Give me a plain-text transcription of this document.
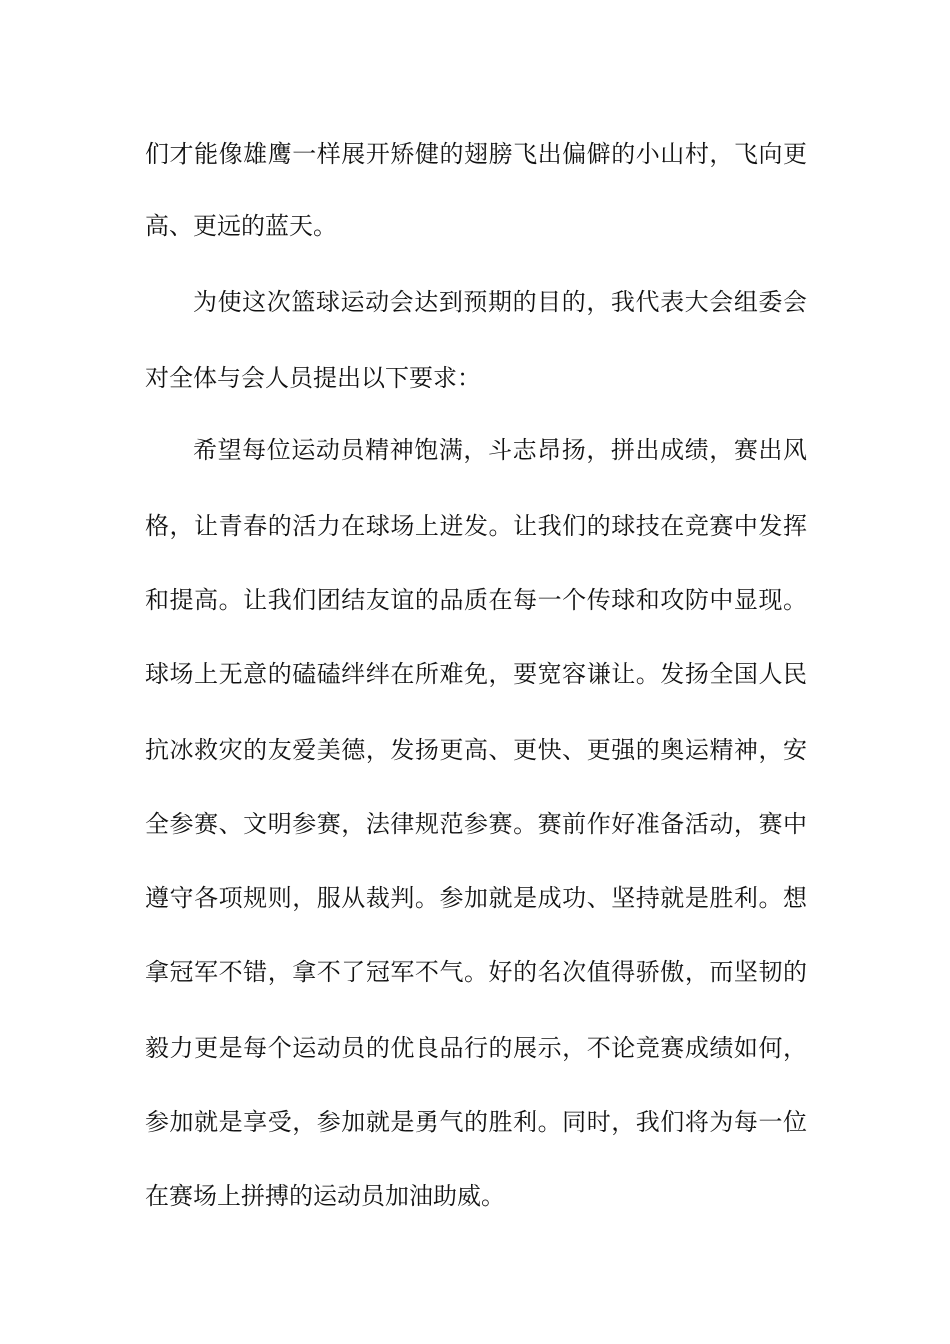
们才能像雄鹰一样展开矫健的翅膀飞出偏僻的小山村，飞向更
高、更远的蓝天。
为使这次篮球运动会达到预期的目的，我代表大会组委会
对全体与会人员提出以下要求：
希望每位运动员精神饱满，斗志昂扬，拼出成绩，赛出风
格，让青春的活力在球场上迸发。让我们的球技在竞赛中发挥
和提高。让我们团结友谊的品质在每一个传球和攻防中显现。
球场上无意的磕磕绊绊在所难免，要宽容谦让。发扬全国人民
抗冰救灾的友爱美德，发扬更高、更快、更强的奥运精神，安
全参赛、文明参赛，法律规范参赛。赛前作好准备活动，赛中
遵守各项规则，服从裁判。参加就是成功、坚持就是胜利。想
拿冠军不错，拿不了冠军不气。好的名次值得骄傲，而坚韧的
毅力更是每个运动员的优良品行的展示，不论竞赛成绩如何，
参加就是享受，参加就是勇气的胜利。同时，我们将为每一位
在赛场上拼搏的运动员加油助威。
